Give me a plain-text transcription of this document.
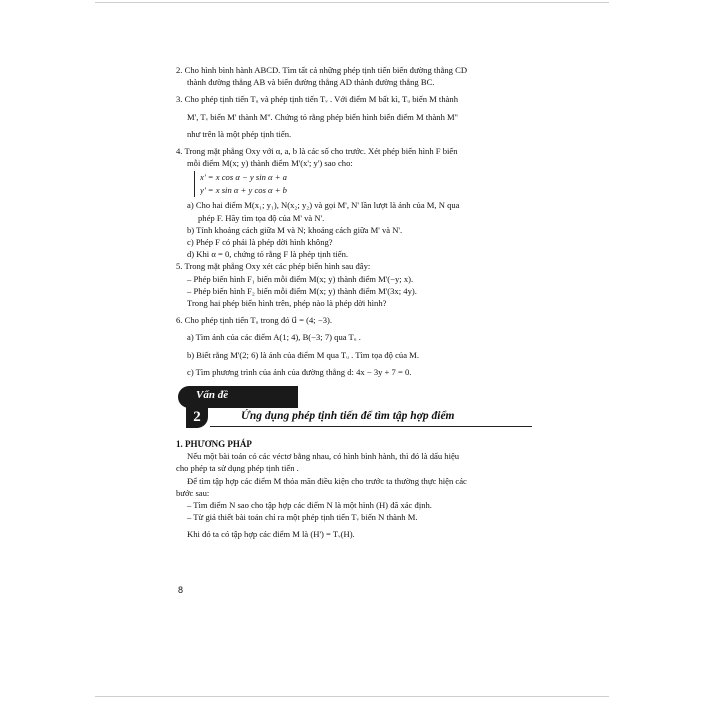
2. Cho hình bình hành ABCD. Tìm tất cả những phép tịnh tiến biến đường thẳng CD

thành đường thẳng AB và biến đường thẳng AD thành đường thẳng BC.

3. Cho phép tịnh tiến Tᵤ và phép tịnh tiến Tᵥ . Với điểm M bất kì, Tᵤ biến M thành

M', Tᵥ biến M' thành M''. Chứng tỏ rằng phép biến hình biến điểm M thành M''

như trên là một phép tịnh tiến.

4. Trong mặt phẳng Oxy với α, a, b là các số cho trước. Xét phép biến hình F biến

mỗi điểm M(x; y) thành điểm M'(x'; y') sao cho:

x' = x cos α − y sin α + a

y' = x sin α + y cos α + b

a) Cho hai điểm M(x₁; y₁), N(x₂; y₂) và gọi M', N' lần lượt là ảnh của M, N qua

phép F. Hãy tìm tọa độ của M' và N'.

b) Tính khoảng cách giữa M và N; khoảng cách giữa M' và N'.

c) Phép F có phải là phép dời hình không?

d) Khi α = 0, chứng tỏ rằng F là phép tịnh tiến.

5. Trong mặt phẳng Oxy xét các phép biến hình sau đây:

– Phép biến hình F₁ biến mỗi điểm M(x; y) thành điểm M'(−y; x).

– Phép biến hình F₂ biến mỗi điểm M(x; y) thành điểm M'(3x; 4y).

Trong hai phép biến hình trên, phép nào là phép dời hình?

6. Cho phép tịnh tiến Tᵤ trong đó u⃗ = (4; −3).

a) Tìm ảnh của các điểm A(1; 4), B(−3; 7) qua Tᵤ .

b) Biết rằng M'(2; 6) là ảnh của điểm M qua Tᵤ . Tìm tọa độ của M.

c) Tìm phương trình của ảnh của đường thẳng d: 4x − 3y + 7 = 0.

Vấn đề
2	Ứng dụng phép tịnh tiến để tìm tập hợp điểm

1. PHƯƠNG PHÁP

Nếu một bài toán có các véctơ bằng nhau, có hình bình hành, thì đó là dấu hiệu

cho phép ta sử dụng phép tịnh tiến .

Để tìm tập hợp các điểm M thỏa mãn điều kiện cho trước ta thường thực hiện các

bước sau:

– Tìm điểm N sao cho tập hợp các điểm N là một hình (H) đã xác định.

– Từ giả thiết bài toán chỉ ra một phép tịnh tiến Tᵥ biến N thành M.

Khi đó ta có tập hợp các điểm M là (H') = Tᵥ(H).

8
